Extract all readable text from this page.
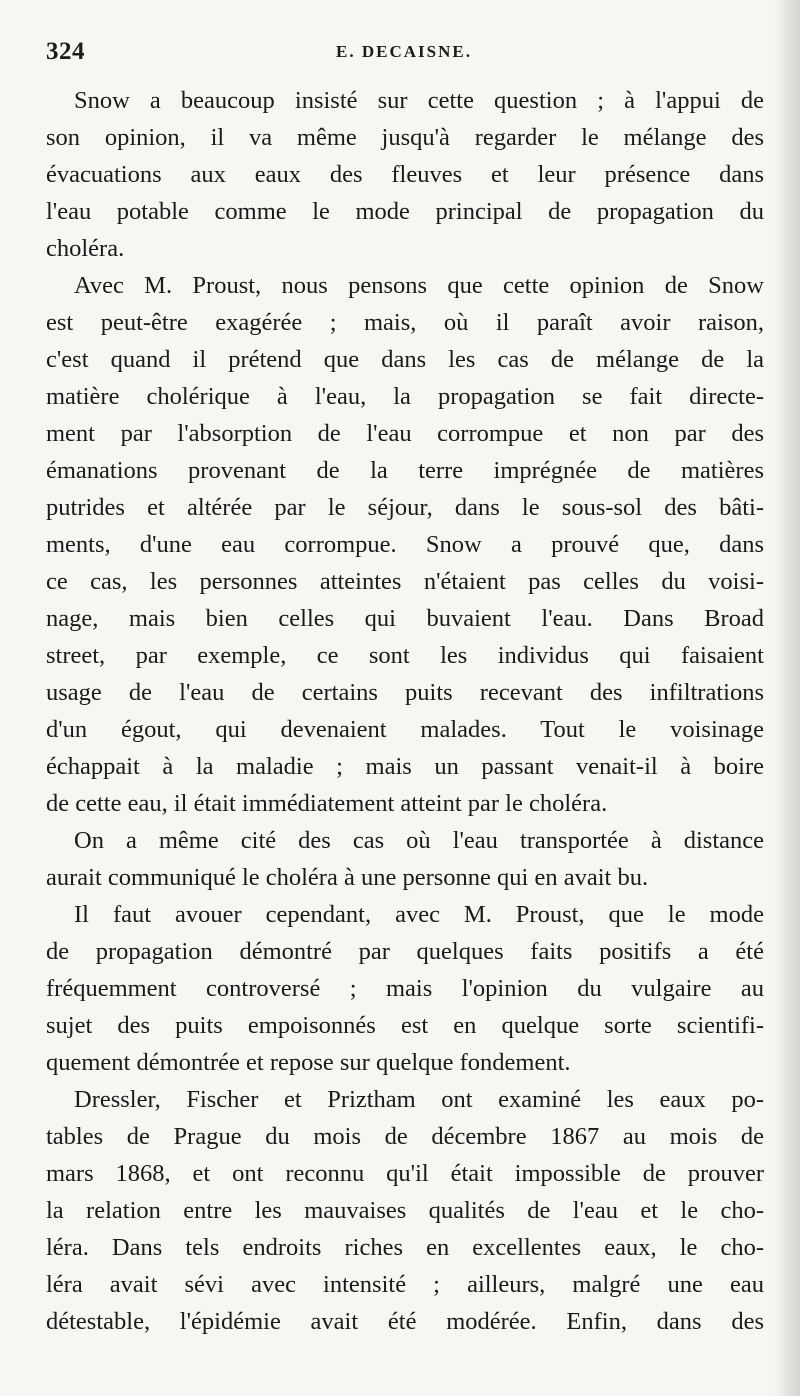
324	E. DECAISNE.
Snow a beaucoup insisté sur cette question ; à l'appui de
son opinion, il va même jusqu'à regarder le mélange des
évacuations aux eaux des fleuves et leur présence dans
l'eau potable comme le mode principal de propagation du
choléra.
Avec M. Proust, nous pensons que cette opinion de Snow
est peut-être exagérée ; mais, où il paraît avoir raison,
c'est quand il prétend que dans les cas de mélange de la
matière cholérique à l'eau, la propagation se fait directe-
ment par l'absorption de l'eau corrompue et non par des
émanations provenant de la terre imprégnée de matières
putrides et altérée par le séjour, dans le sous-sol des bâti-
ments, d'une eau corrompue. Snow a prouvé que, dans
ce cas, les personnes atteintes n'étaient pas celles du voisi-
nage, mais bien celles qui buvaient l'eau. Dans Broad
street, par exemple, ce sont les individus qui faisaient
usage de l'eau de certains puits recevant des infiltrations
d'un égout, qui devenaient malades. Tout le voisinage
échappait à la maladie ; mais un passant venait-il à boire
de cette eau, il était immédiatement atteint par le choléra.
On a même cité des cas où l'eau transportée à distance
aurait communiqué le choléra à une personne qui en avait bu.
Il faut avouer cependant, avec M. Proust, que le mode
de propagation démontré par quelques faits positifs a été
fréquemment controversé ; mais l'opinion du vulgaire au
sujet des puits empoisonnés est en quelque sorte scientifi-
quement démontrée et repose sur quelque fondement.
Dressler, Fischer et Priztham ont examiné les eaux po-
tables de Prague du mois de décembre 1867 au mois de
mars 1868, et ont reconnu qu'il était impossible de prouver
la relation entre les mauvaises qualités de l'eau et le cho-
léra. Dans tels endroits riches en excellentes eaux, le cho-
léra avait sévi avec intensité ; ailleurs, malgré une eau
détestable, l'épidémie avait été modérée. Enfin, dans des
